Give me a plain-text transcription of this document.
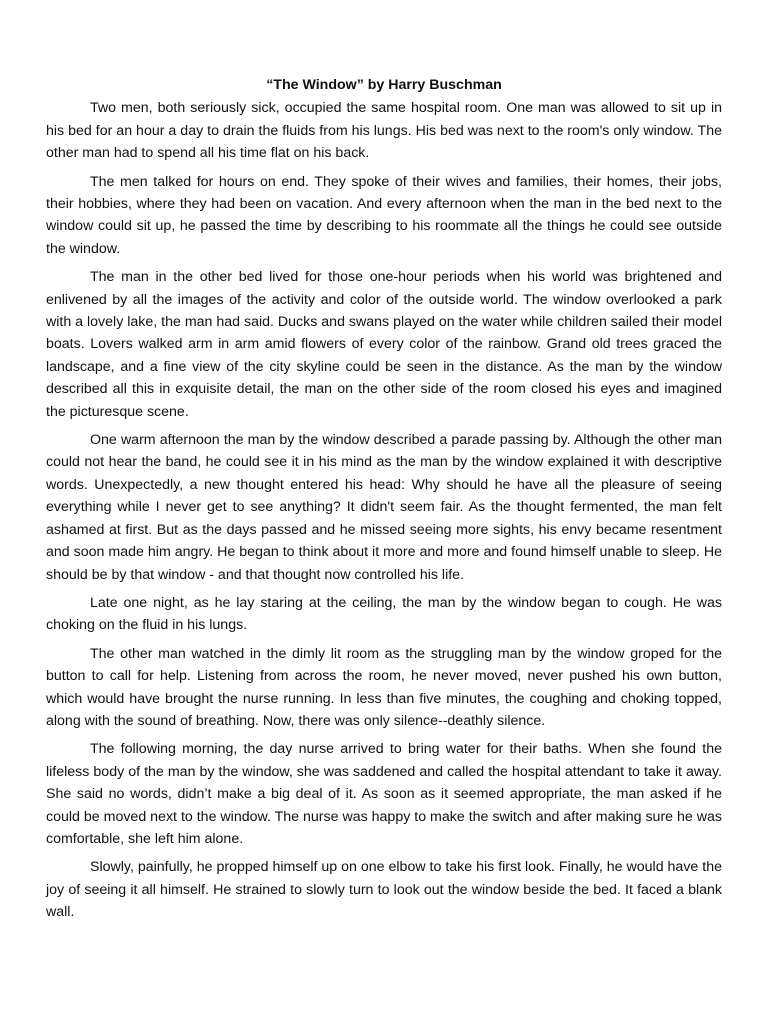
“The Window” by Harry Buschman

Two men, both seriously sick, occupied the same hospital room. One man was allowed to sit up in his bed for an hour a day to drain the fluids from his lungs. His bed was next to the room's only window. The other man had to spend all his time flat on his back.

The men talked for hours on end. They spoke of their wives and families, their homes, their jobs, their hobbies, where they had been on vacation. And every afternoon when the man in the bed next to the window could sit up, he passed the time by describing to his roommate all the things he could see outside the window.

The man in the other bed lived for those one-hour periods when his world was brightened and enlivened by all the images of the activity and color of the outside world. The window overlooked a park with a lovely lake, the man had said. Ducks and swans played on the water while children sailed their model boats. Lovers walked arm in arm amid flowers of every color of the rainbow. Grand old trees graced the landscape, and a fine view of the city skyline could be seen in the distance. As the man by the window described all this in exquisite detail, the man on the other side of the room closed his eyes and imagined the picturesque scene.

One warm afternoon the man by the window described a parade passing by. Although the other man could not hear the band, he could see it in his mind as the man by the window explained it with descriptive words. Unexpectedly, a new thought entered his head: Why should he have all the pleasure of seeing everything while I never get to see anything? It didn't seem fair. As the thought fermented, the man felt ashamed at first. But as the days passed and he missed seeing more sights, his envy became resentment and soon made him angry. He began to think about it more and more and found himself unable to sleep. He should be by that window - and that thought now controlled his life.

Late one night, as he lay staring at the ceiling, the man by the window began to cough. He was choking on the fluid in his lungs.

The other man watched in the dimly lit room as the struggling man by the window groped for the button to call for help. Listening from across the room, he never moved, never pushed his own button, which would have brought the nurse running. In less than five minutes, the coughing and choking topped, along with the sound of breathing. Now, there was only silence--deathly silence.

The following morning, the day nurse arrived to bring water for their baths. When she found the lifeless body of the man by the window, she was saddened and called the hospital attendant to take it away. She said no words, didn’t make a big deal of it. As soon as it seemed appropriate, the man asked if he could be moved next to the window. The nurse was happy to make the switch and after making sure he was comfortable, she left him alone.

Slowly, painfully, he propped himself up on one elbow to take his first look. Finally, he would have the joy of seeing it all himself. He strained to slowly turn to look out the window beside the bed. It faced a blank wall.
